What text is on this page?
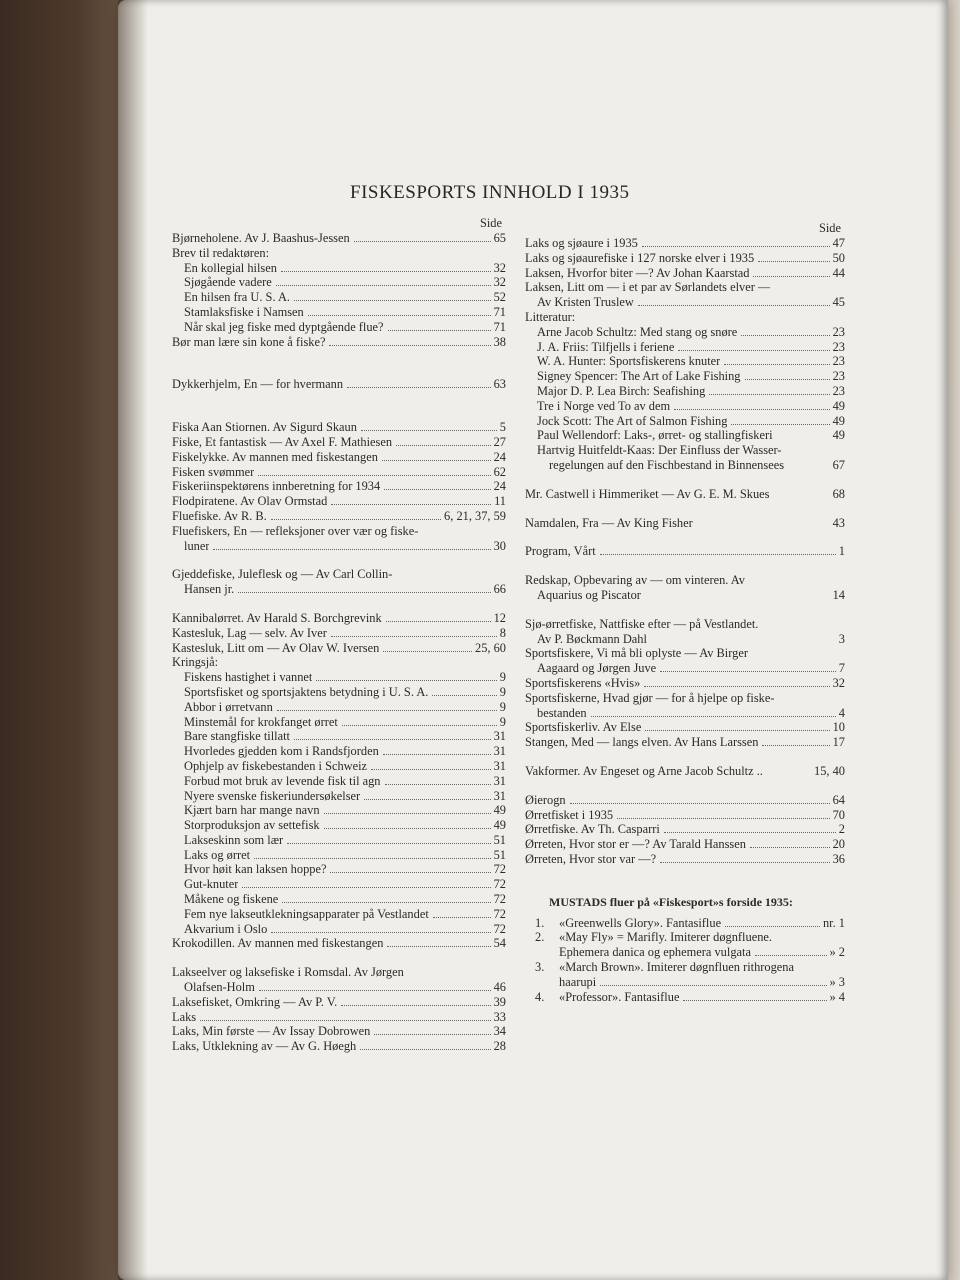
FISKESPORTS INNHOLD I 1935
Side
Bjørneholene. Av J. Baashus-Jessen	65
Brev til redaktøren:
En kollegial hilsen	32
Sjøgående vadere	32
En hilsen fra U. S. A.	52
Stamlaksfiske i Namsen	71
Når skal jeg fiske med dyptgående flue?	71
Bør man lære sin kone å fiske?	38
Dykkerhjelm, En — for hvermann	63
Fiska Aan Stiornen. Av Sigurd Skaun	5
Fiske, Et fantastisk — Av Axel F. Mathiesen	27
Fiskelykke. Av mannen med fiskestangen	24
Fisken svømmer	62
Fiskeriinspektørens innberetning for 1934	24
Flodpiratene. Av Olav Ormstad	11
Fluefiske. Av R. B.	6, 21, 37, 59
Fluefiskers, En — refleksjoner over vær og fiske-
luner	30
Gjeddefiske, Juleflesk og — Av Carl Collin-
Hansen jr.	66
Kannibalørret. Av Harald S. Borchgrevink	12
Kastesluk, Lag — selv. Av Iver	8
Kastesluk, Litt om — Av Olav W. Iversen	25, 60
Kringsjå:
Fiskens hastighet i vannet	9
Sportsfisket og sportsjaktens betydning i U. S. A.	9
Abbor i ørretvann	9
Minstemål for krokfanget ørret	9
Bare stangfiske tillatt	31
Hvorledes gjedden kom i Randsfjorden	31
Ophjelp av fiskebestanden i Schweiz	31
Forbud mot bruk av levende fisk til agn	31
Nyere svenske fiskeriundersøkelser	31
Kjært barn har mange navn	49
Storproduksjon av settefisk	49
Lakseskinn som lær	51
Laks og ørret	51
Hvor høit kan laksen hoppe?	72
Gut-knuter	72
Måkene og fiskene	72
Fem nye lakseutklekningsapparater på Vestlandet	72
Akvarium i Oslo	72
Krokodillen. Av mannen med fiskestangen	54
Lakseelver og laksefiske i Romsdal. Av Jørgen
Olafsen-Holm	46
Laksefisket, Omkring — Av P. V.	39
Laks	33
Laks, Min første — Av Issay Dobrowen	34
Laks, Utklekning av — Av G. Høegh	28
Side
Laks og sjøaure i 1935	47
Laks og sjøaurefiske i 127 norske elver i 1935	50
Laksen, Hvorfor biter —? Av Johan Kaarstad	44
Laksen, Litt om — i et par av Sørlandets elver —
Av Kristen Truslew	45
Litteratur:
Arne Jacob Schultz: Med stang og snøre	23
J. A. Friis: Tilfjells i feriene	23
W. A. Hunter: Sportsfiskerens knuter	23
Signey Spencer: The Art of Lake Fishing	23
Major D. P. Lea Birch: Seafishing	23
Tre i Norge ved To av dem	49
Jock Scott: The Art of Salmon Fishing	49
Paul Wellendorf: Laks-, ørret- og stallingfiskeri	49
Hartvig Huitfeldt-Kaas: Der Einfluss der Wasser-
regelungen auf den Fischbestand in Binnensees	67
Mr. Castwell i Himmeriket — Av G. E. M. Skues	68
Namdalen, Fra — Av King Fisher	43
Program, Vårt	1
Redskap, Opbevaring av — om vinteren. Av
Aquarius og Piscator	14
Sjø-ørretfiske, Nattfiske efter — på Vestlandet.
Av P. Bøckmann Dahl	3
Sportsfiskere, Vi må bli oplyste — Av Birger
Aagaard og Jørgen Juve	7
Sportsfiskerens «Hvis»	32
Sportsfiskerne, Hvad gjør — for å hjelpe op fiske-
bestanden	4
Sportsfiskerliv. Av Else	10
Stangen, Med — langs elven. Av Hans Larssen	17
Vakformer. Av Engeset og Arne Jacob Schultz ..	15, 40
Øierogn	64
Ørretfisket i 1935	70
Ørretfiske. Av Th. Casparri	2
Ørreten, Hvor stor er —? Av Tarald Hanssen	20
Ørreten, Hvor stor var —?	36
MUSTADS fluer på «Fiskesport»s forside 1935:
1.	«Greenwells Glory». Fantasiflue	nr. 1
2.	«May Fly» = Marifly. Imiterer døgnfluene.
Ephemera danica og ephemera vulgata	» 2
3.	«March Brown». Imiterer døgnfluen rithrogena
haarupi	» 3
4.	«Professor». Fantasiflue	» 4
